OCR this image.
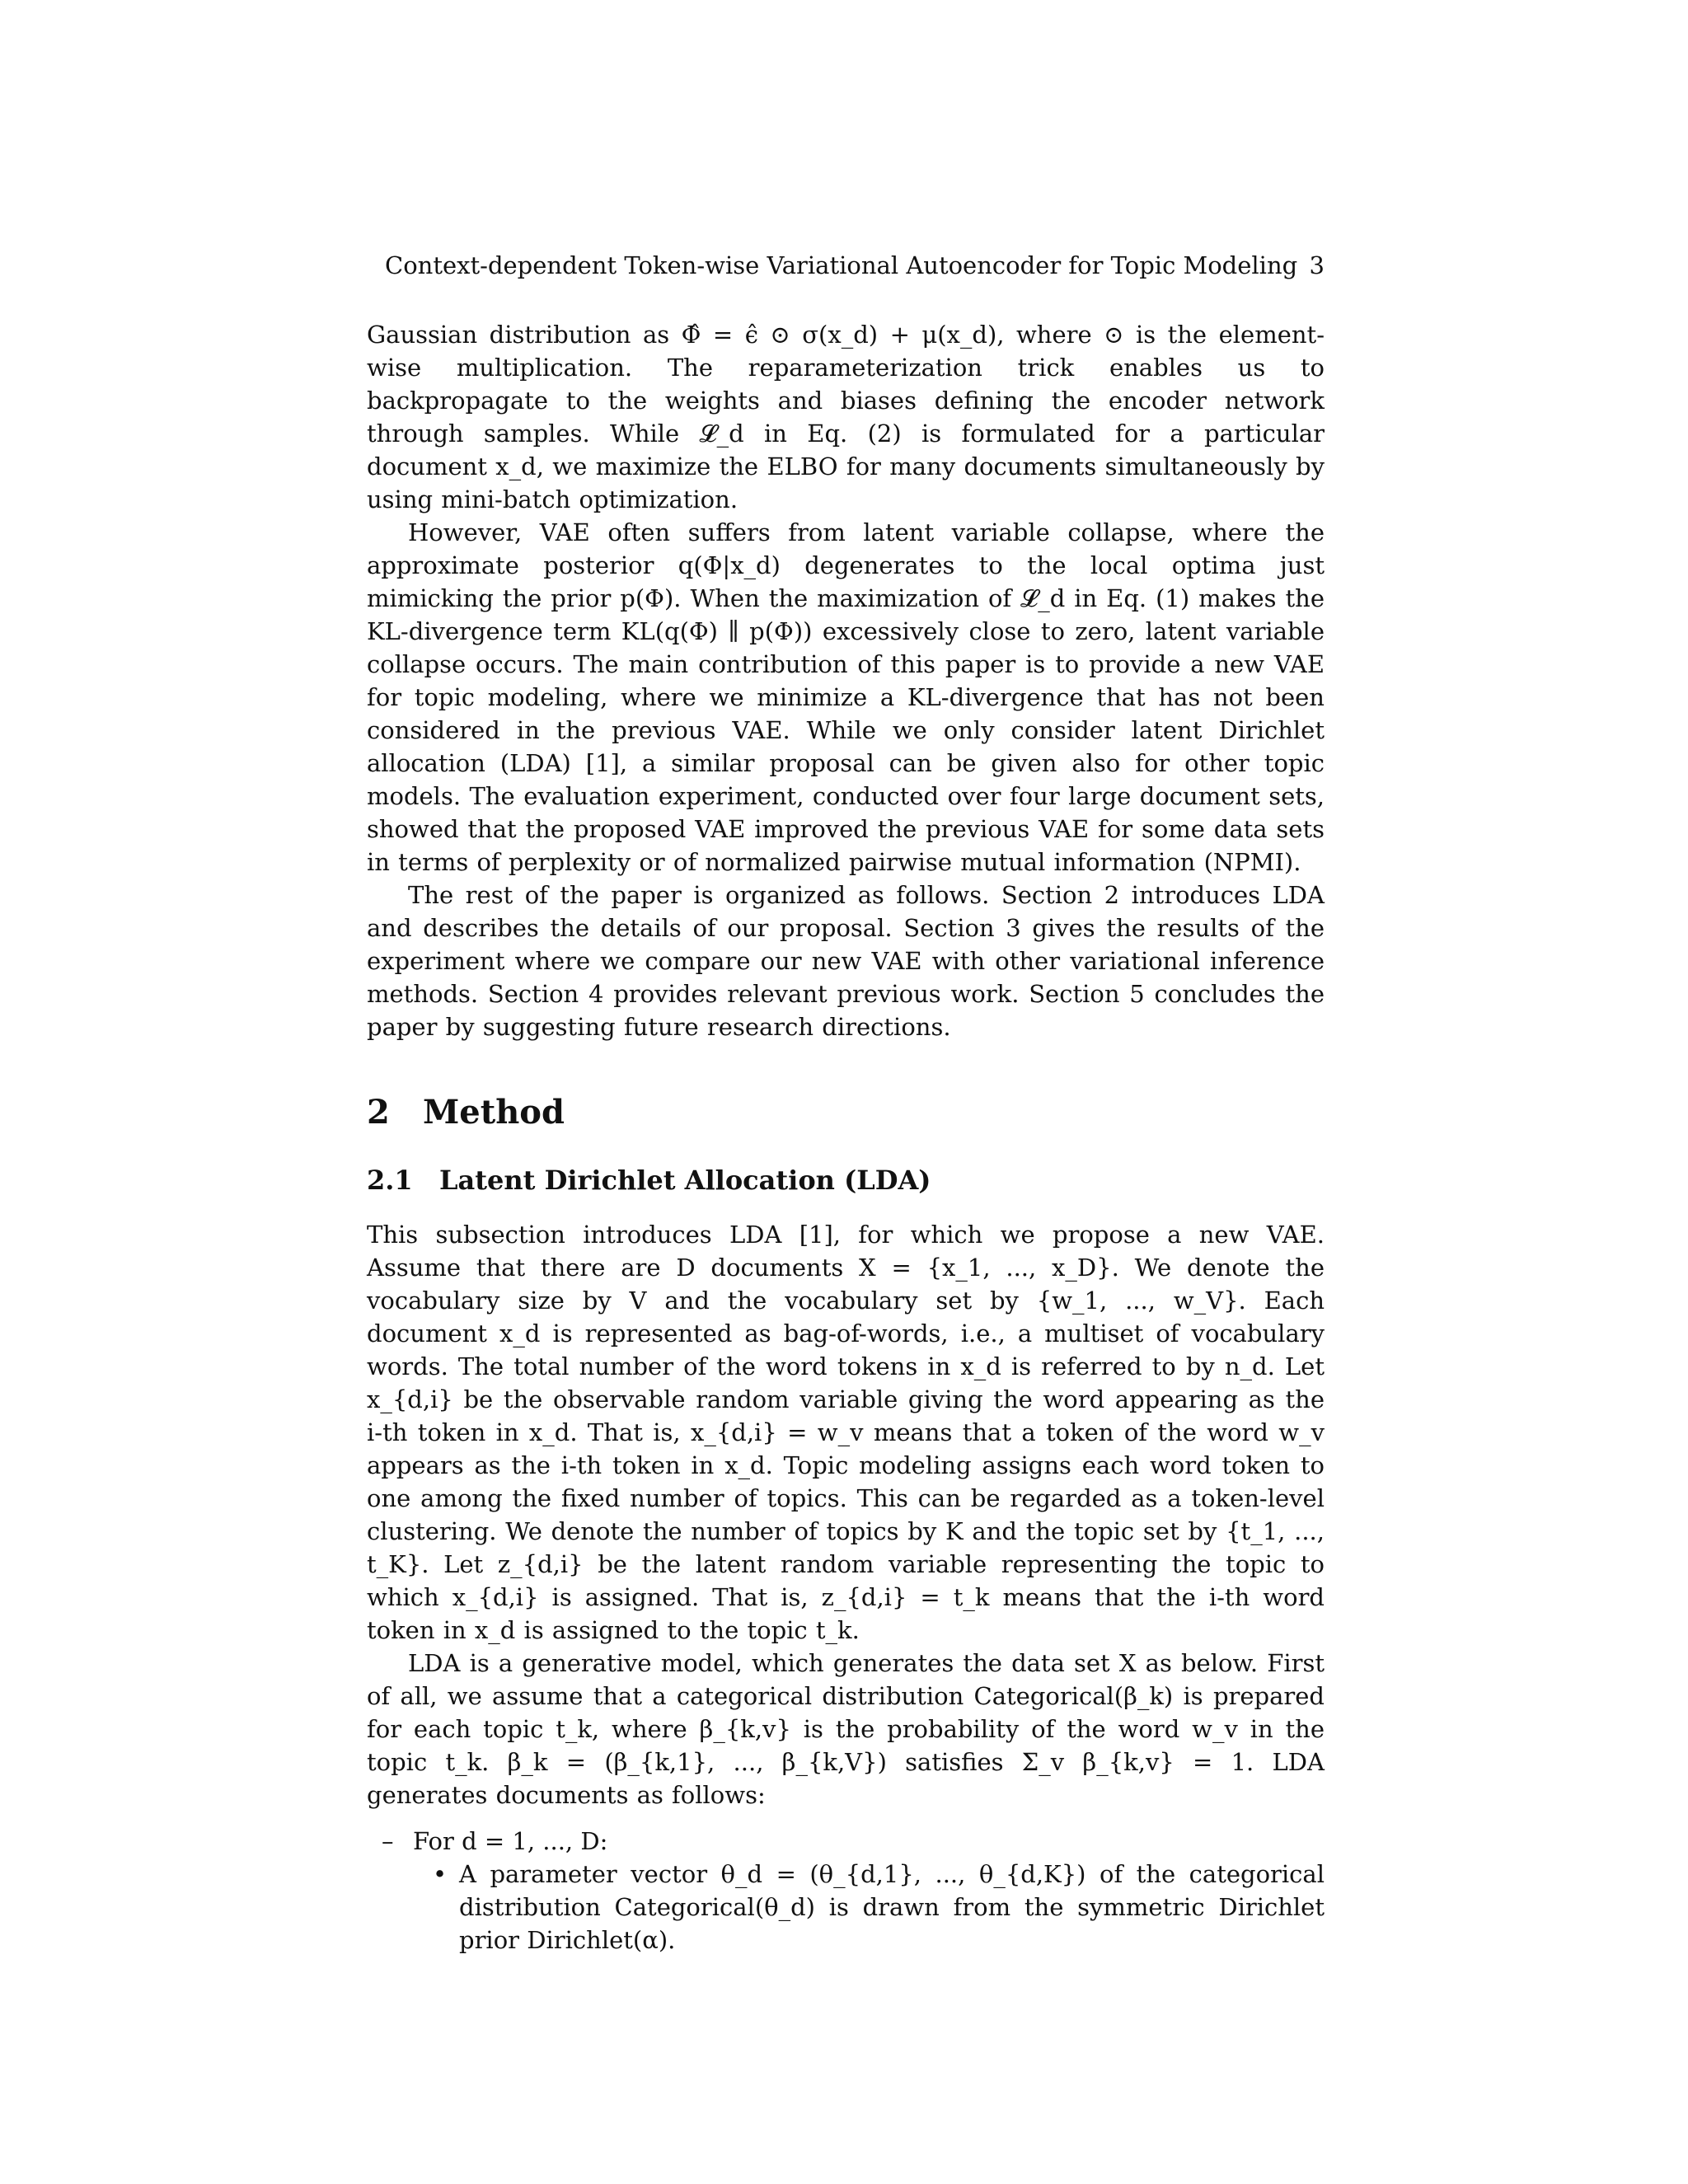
Context-dependent Token-wise Variational Autoencoder for Topic Modeling 3

Gaussian distribution as Φ̂ = ϵ̂ ⊙ σ(x_d) + μ(x_d), where ⊙ is the element-wise multiplication. The reparameterization trick enables us to backpropagate to the weights and biases defining the encoder network through samples. While 𝓛_d in Eq. (2) is formulated for a particular document x_d, we maximize the ELBO for many documents simultaneously by using mini-batch optimization.

However, VAE often suffers from latent variable collapse, where the approximate posterior q(Φ|x_d) degenerates to the local optima just mimicking the prior p(Φ). When the maximization of 𝓛_d in Eq. (1) makes the KL-divergence term KL(q(Φ) ∥ p(Φ)) excessively close to zero, latent variable collapse occurs. The main contribution of this paper is to provide a new VAE for topic modeling, where we minimize a KL-divergence that has not been considered in the previous VAE. While we only consider latent Dirichlet allocation (LDA) [1], a similar proposal can be given also for other topic models. The evaluation experiment, conducted over four large document sets, showed that the proposed VAE improved the previous VAE for some data sets in terms of perplexity or of normalized pairwise mutual information (NPMI).

The rest of the paper is organized as follows. Section 2 introduces LDA and describes the details of our proposal. Section 3 gives the results of the experiment where we compare our new VAE with other variational inference methods. Section 4 provides relevant previous work. Section 5 concludes the paper by suggesting future research directions.

2 Method
2.1 Latent Dirichlet Allocation (LDA)

This subsection introduces LDA [1], for which we propose a new VAE. Assume that there are D documents X = {x_1, ..., x_D}. We denote the vocabulary size by V and the vocabulary set by {w_1, ..., w_V}. Each document x_d is represented as bag-of-words, i.e., a multiset of vocabulary words. The total number of the word tokens in x_d is referred to by n_d. Let x_{d,i} be the observable random variable giving the word appearing as the i-th token in x_d. That is, x_{d,i} = w_v means that a token of the word w_v appears as the i-th token in x_d. Topic modeling assigns each word token to one among the fixed number of topics. This can be regarded as a token-level clustering. We denote the number of topics by K and the topic set by {t_1, ..., t_K}. Let z_{d,i} be the latent random variable representing the topic to which x_{d,i} is assigned. That is, z_{d,i} = t_k means that the i-th word token in x_d is assigned to the topic t_k.

LDA is a generative model, which generates the data set X as below. First of all, we assume that a categorical distribution Categorical(β_k) is prepared for each topic t_k, where β_{k,v} is the probability of the word w_v in the topic t_k. β_k = (β_{k,1}, ..., β_{k,V}) satisfies Σ_v β_{k,v} = 1. LDA generates documents as follows:

– For d = 1, ..., D:
• A parameter vector θ_d = (θ_{d,1}, ..., θ_{d,K}) of the categorical distribution Categorical(θ_d) is drawn from the symmetric Dirichlet prior Dirichlet(α).
